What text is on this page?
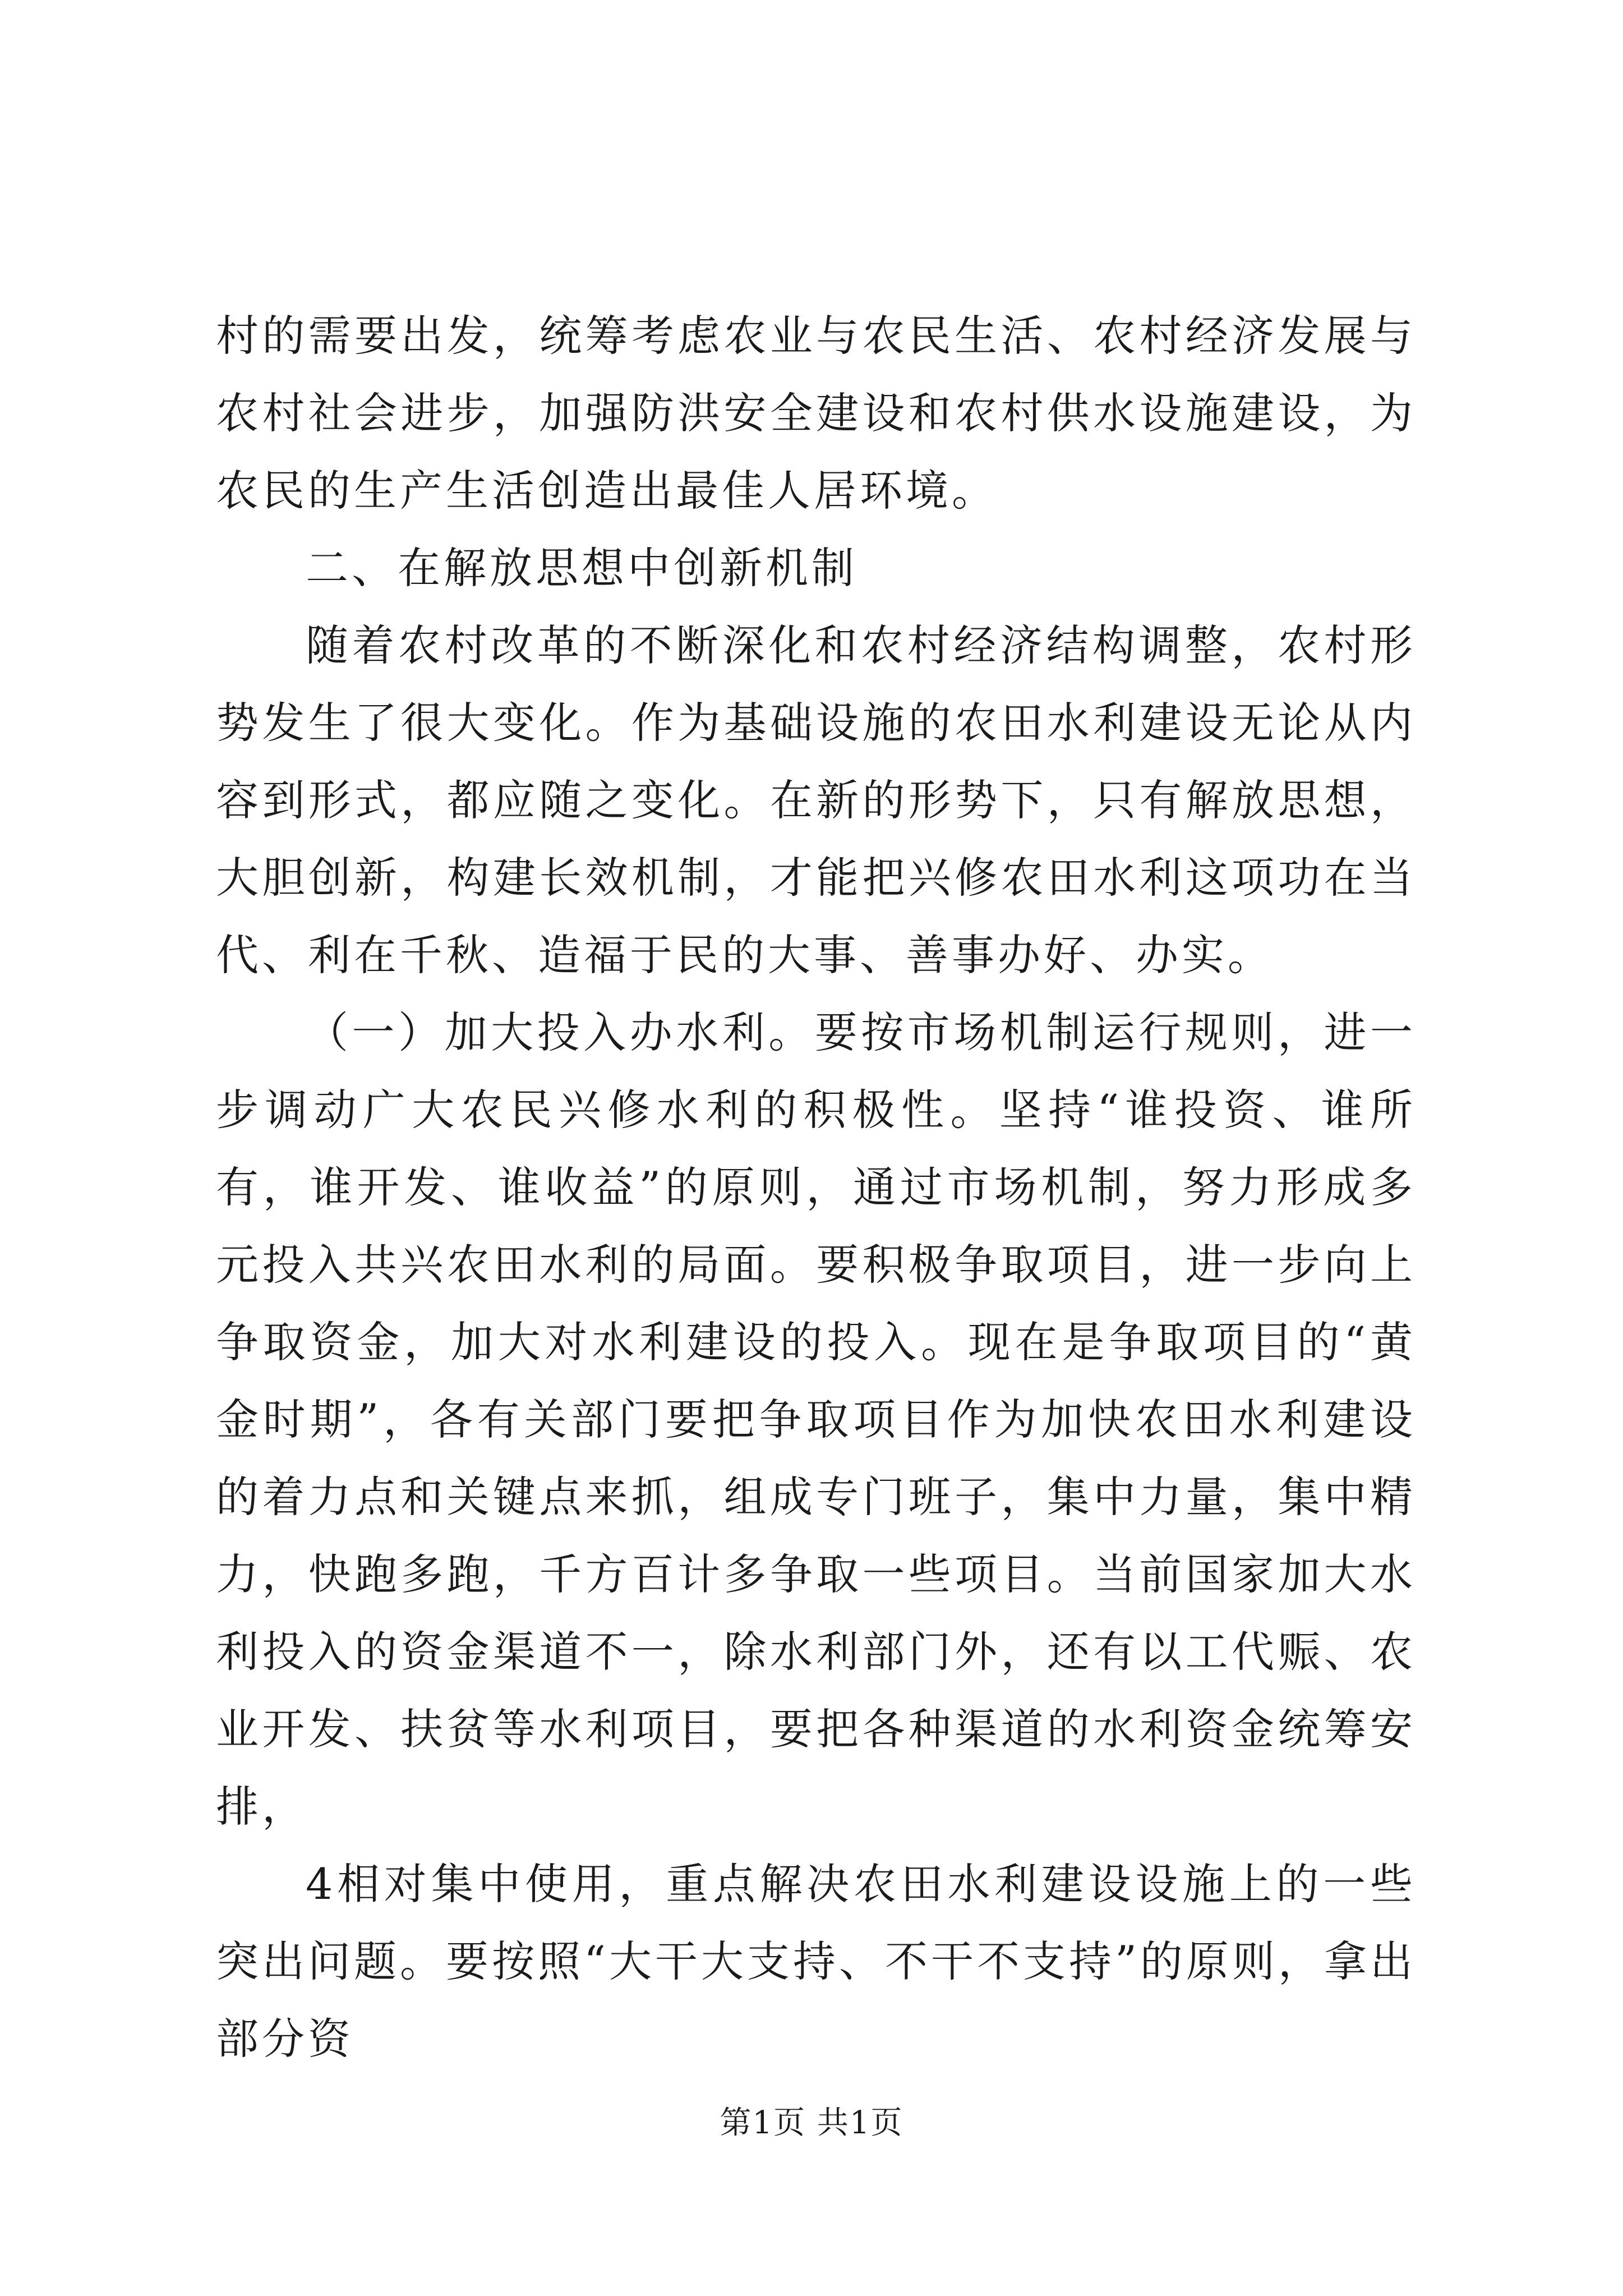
村的需要出发，统筹考虑农业与农民生活、农村经济发展与农村社会进步，加强防洪安全建设和农村供水设施建设，为农民的生产生活创造出最佳人居环境。

二、在解放思想中创新机制

随着农村改革的不断深化和农村经济结构调整，农村形势发生了很大变化。作为基础设施的农田水利建设无论从内容到形式，都应随之变化。在新的形势下，只有解放思想，大胆创新，构建长效机制，才能把兴修农田水利这项功在当代、利在千秋、造福于民的大事、善事办好、办实。

（一）加大投入办水利。要按市场机制运行规则，进一步调动广大农民兴修水利的积极性。坚持“谁投资、谁所有，谁开发、谁收益”的原则，通过市场机制，努力形成多元投入共兴农田水利的局面。要积极争取项目，进一步向上争取资金，加大对水利建设的投入。现在是争取项目的“黄金时期”，各有关部门要把争取项目作为加快农田水利建设的着力点和关键点来抓，组成专门班子，集中力量，集中精力，快跑多跑，千方百计多争取一些项目。当前国家加大水利投入的资金渠道不一，除水利部门外，还有以工代赈、农业开发、扶贫等水利项目，要把各种渠道的水利资金统筹安排，

4相对集中使用，重点解决农田水利建设设施上的一些突出问题。要按照“大干大支持、不干不支持”的原则，拿出部分资

第1页 共1页
